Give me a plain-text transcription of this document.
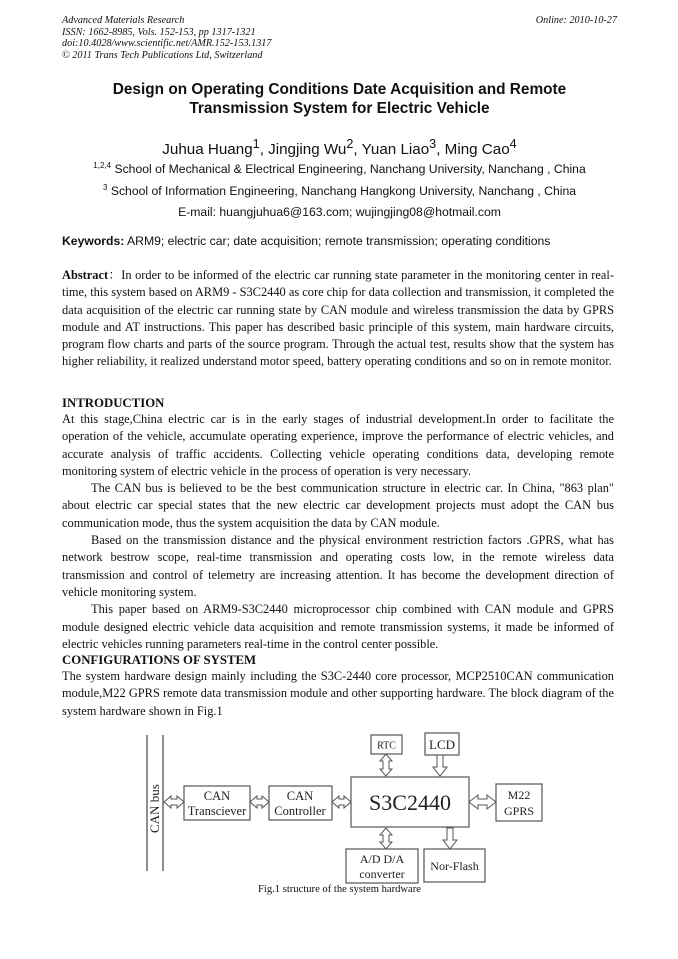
Advanced Materials Research
ISSN: 1662-8985, Vols. 152-153, pp 1317-1321
doi:10.4028/www.scientific.net/AMR.152-153.1317
© 2011 Trans Tech Publications Ltd, Switzerland
Online: 2010-10-27
Design on Operating Conditions Date Acquisition and Remote
Transmission System for Electric Vehicle
Juhua Huang$^1$, Jingjing Wu$^2$, Yuan Liao$^3$, Ming Cao$^4$
$^{1,2,4}$ School of Mechanical & Electrical Engineering, Nanchang University, Nanchang , China
$^3$ School of Information Engineering, Nanchang Hangkong University, Nanchang , China
E-mail: huangjuhua6@163.com; wujingjing08@hotmail.com
Keywords: ARM9; electric car; date acquisition; remote transmission; operating conditions
Abstract：In order to be informed of the electric car running state parameter in the monitoring center in real-time, this system based on ARM9 - S3C2440 as core chip for data collection and transmission, it completed the data acquisition of the electric car running state by CAN module and wireless transmission the data by GPRS module and AT instructions. This paper has described basic principle of this system, main hardware circuits, program flow charts and parts of the source program. Through the actual test, results show that the system has higher reliability, it realized understand motor speed, battery operating conditions and so on in remote monitor.
INTRODUCTION

At this stage,China electric car is in the early stages of industrial development.In order to facilitate the operation of the vehicle, accumulate operating experience, improve the performance of electric vehicles, and accurate analysis of traffic accidents. Collecting vehicle operating conditions data, developing remote monitoring system of electric vehicle in the process of operation is very necessary.

The CAN bus is believed to be the best communication structure in electric car. In China, "863 plan" about electric car special states that the new electric car development projects must adopt the CAN bus communication mode, thus the system acquisition the data by CAN module.

Based on the transmission distance and the physical environment restriction factors .GPRS, what has network bestrow scope, real-time transmission and operating costs low, in the remote wireless data transmission and control of telemetry are increasing attention. It has become the development direction of vehicle monitoring system.

This paper based on ARM9-S3C2440 microprocessor chip combined with CAN module and GPRS module designed electric vehicle data acquisition and remote transmission systems, it made be informed of electric vehicles running parameters real-time in the control center possible.

CONFIGURATIONS OF SYSTEM
The system hardware design mainly including the S3C-2440 core processor, MCP2510CAN communication module,M22 GPRS remote data transmission module and other supporting hardware. The block diagram of the system hardware shown in Fig.1
CAN bus	CAN
Transciever
CAN
Controller S3C2440
RTC	LCD
M22
GPRS
A/D D/A
converter
Nor-Flash
Fig.1 structure of the system hardware
